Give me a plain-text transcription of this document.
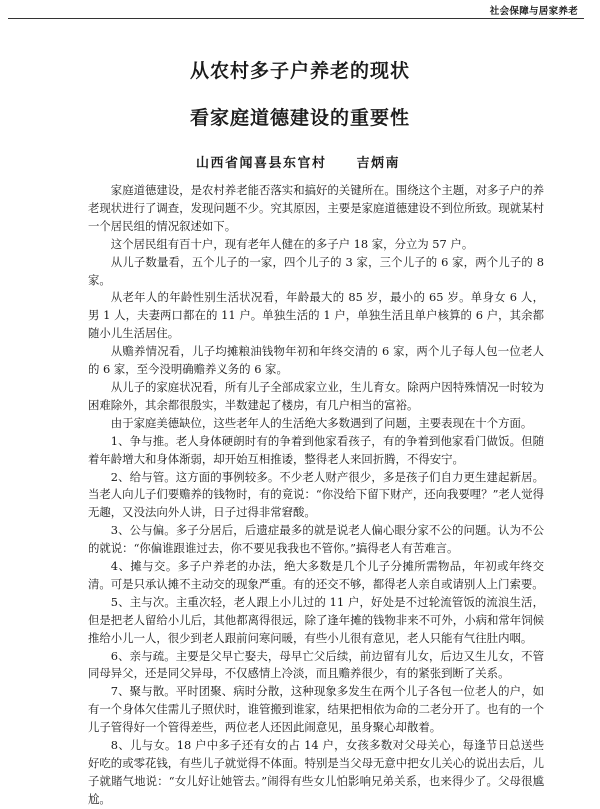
社会保障与居家养老
从农村多子户养老的现状
看家庭道德建设的重要性
山西省闻喜县东官村 吉炳南

家庭道德建设，是农村养老能否落实和搞好的关键所在。围绕这个主题，对多子户的养老现状进行了调查，发现问题不少。究其原因，主要是家庭道德建设不到位所致。现就某村一个居民组的情况叙述如下。

这个居民组有百十户，现有老年人健在的多子户 18 家，分立为 57 户。

从儿子数量看，五个儿子的一家，四个儿子的 3 家，三个儿子的 6 家，两个儿子的 8 家。

从老年人的年龄性别生活状况看，年龄最大的 85 岁，最小的 65 岁。单身女 6 人，男 1 人，夫妻两口都在的 11 户。单独生活的 1 户，单独生活且单户核算的 6 户，其余都随小儿生活居住。

从赡养情况看，儿子均摊粮油钱物年初和年终交清的 6 家，两个儿子每人包一位老人的 6 家，至今没明确赡养义务的 6 家。

从儿子的家庭状况看，所有儿子全部成家立业，生儿育女。除两户因特殊情况一时较为困难除外，其余都很殷实，半数建起了楼房，有几户相当的富裕。

由于家庭美德缺位，这些老年人的生活绝大多数遇到了问题，主要表现在十个方面。

1、争与推。老人身体硬朗时有的争着到他家看孩子，有的争着到他家看门做饭。但随着年龄增大和身体渐弱，却开始互相推诿，整得老人来回折腾，不得安宁。

2、给与管。这方面的事例较多。不少老人财产很少，多是孩子们自力更生建起新居。当老人向儿子们要赡养的钱物时，有的竟说：“你没给下留下财产，还向我要哩？”老人觉得无趣，又没法向外人讲，日子过得非常窘酸。

3、公与偏。多子分居后，后遗症最多的就是说老人偏心眼分家不公的问题。认为不公的就说：“你偏谁跟谁过去，你不要见我我也不管你。”搞得老人有苦难言。

4、摊与交。多子户养老的办法，绝大多数是几个儿子分摊所需物品，年初或年终交清。可是只承认摊不主动交的现象严重。有的还交不够，都得老人亲自或请别人上门索要。

5、主与次。主重次轻，老人跟上小儿过的 11 户，好处是不过轮流管饭的流浪生活，但是把老人留给小儿后，其他都离得很远，除了逢年摊的钱物非来不可外，小病和常年饲候推给小儿一人，很少到老人跟前问寒问暖，有些小儿很有意见，老人只能有气往肚内咽。

6、亲与疏。主要是父早亡娶夫，母早亡父后续，前边留有儿女，后边又生儿女，不管同母异父，还是同父异母，不仅感情上冷淡，而且赡养很少，有的紧张到断了关系。

7、聚与散。平时团聚、病时分散，这种现象多发生在两个儿子各包一位老人的户，如有一个身体欠佳需儿子照伏时，谁管搬到谁家，结果把相依为命的二老分开了。也有的一个儿子管得好一个管得差些，两位老人还因此闹意见，虽身聚心却散着。

8、儿与女。18 户中多子还有女的占 14 户，女孩多数对父母关心，每逢节日总送些好吃的或零花钱，有些儿子就觉得不体面。特别是当父母无意中把女儿关心的说出去后，儿子就賭气地说：“女儿好让她管去。”闹得有些女儿怕影响兄弟关系，也来得少了。父母很尴尬。
